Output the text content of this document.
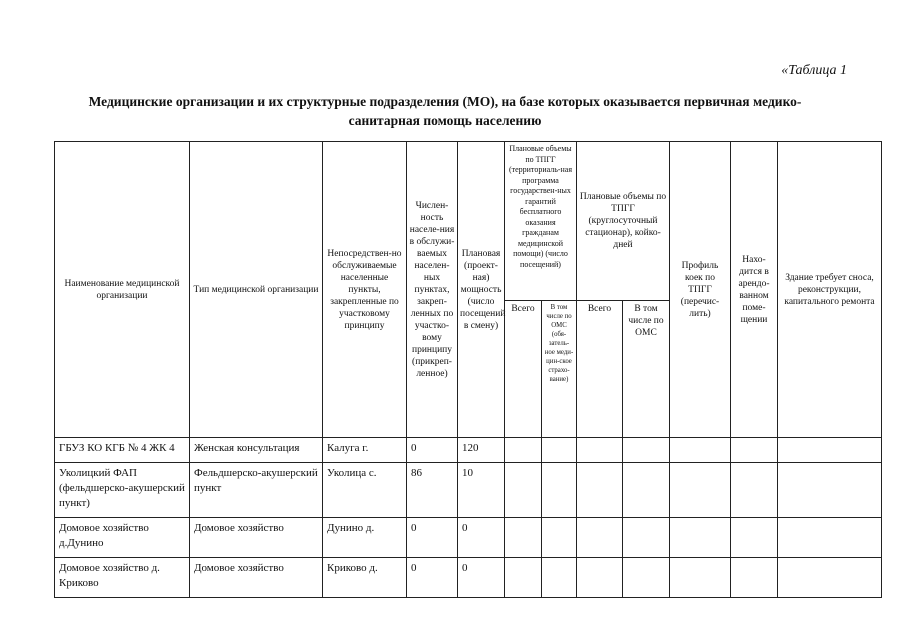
«Таблица 1
Медицинские организации и их структурные подразделения (МО), на базе которых оказывается первичная медико-санитарная помощь населению
Наименование медицинской организации	Тип медицинской организации	Непосредствен-но обслуживаемые населенные пункты, закрепленные по участковому принципу	Числен-ность населе-ния в обслужи-ваемых населен-ных пунктах, закреп-ленных по участко-вому принципу (прикреп-ленное)	Плановая (проект-ная) мощность (число посещений в смену)	Плановые объемы по ТПГГ (территориаль-ная программа государствен-ных гарантий бесплатного оказания гражданам медицинской помощи) (число посещений)		Плановые объемы по ТПГГ (круглосуточный стационар), койко-дней		Профиль коек по ТПГГ (перечис-лить)	Нахо-дится в арендо-ванном поме-щении	Здание требует сноса, реконструкции, капитального ремонта
					Всего	В том числе по ОМС (обя-затель-ное меди-цин-ское страхо-вание)	Всего	В том числе по ОМС			
ГБУЗ КО КГБ № 4 ЖК 4	Женская консультация	Калуга г.	0	120							
Уколицкий ФАП (фельдшерско-акушерский пункт)	Фельдшерско-акушерский пункт	Уколица с.	86	10							
Домовое хозяйство д.Дунино	Домовое хозяйство	Дунино д.	0	0							
Домовое хозяйство д. Криково	Домовое хозяйство	Криково д.	0	0							
